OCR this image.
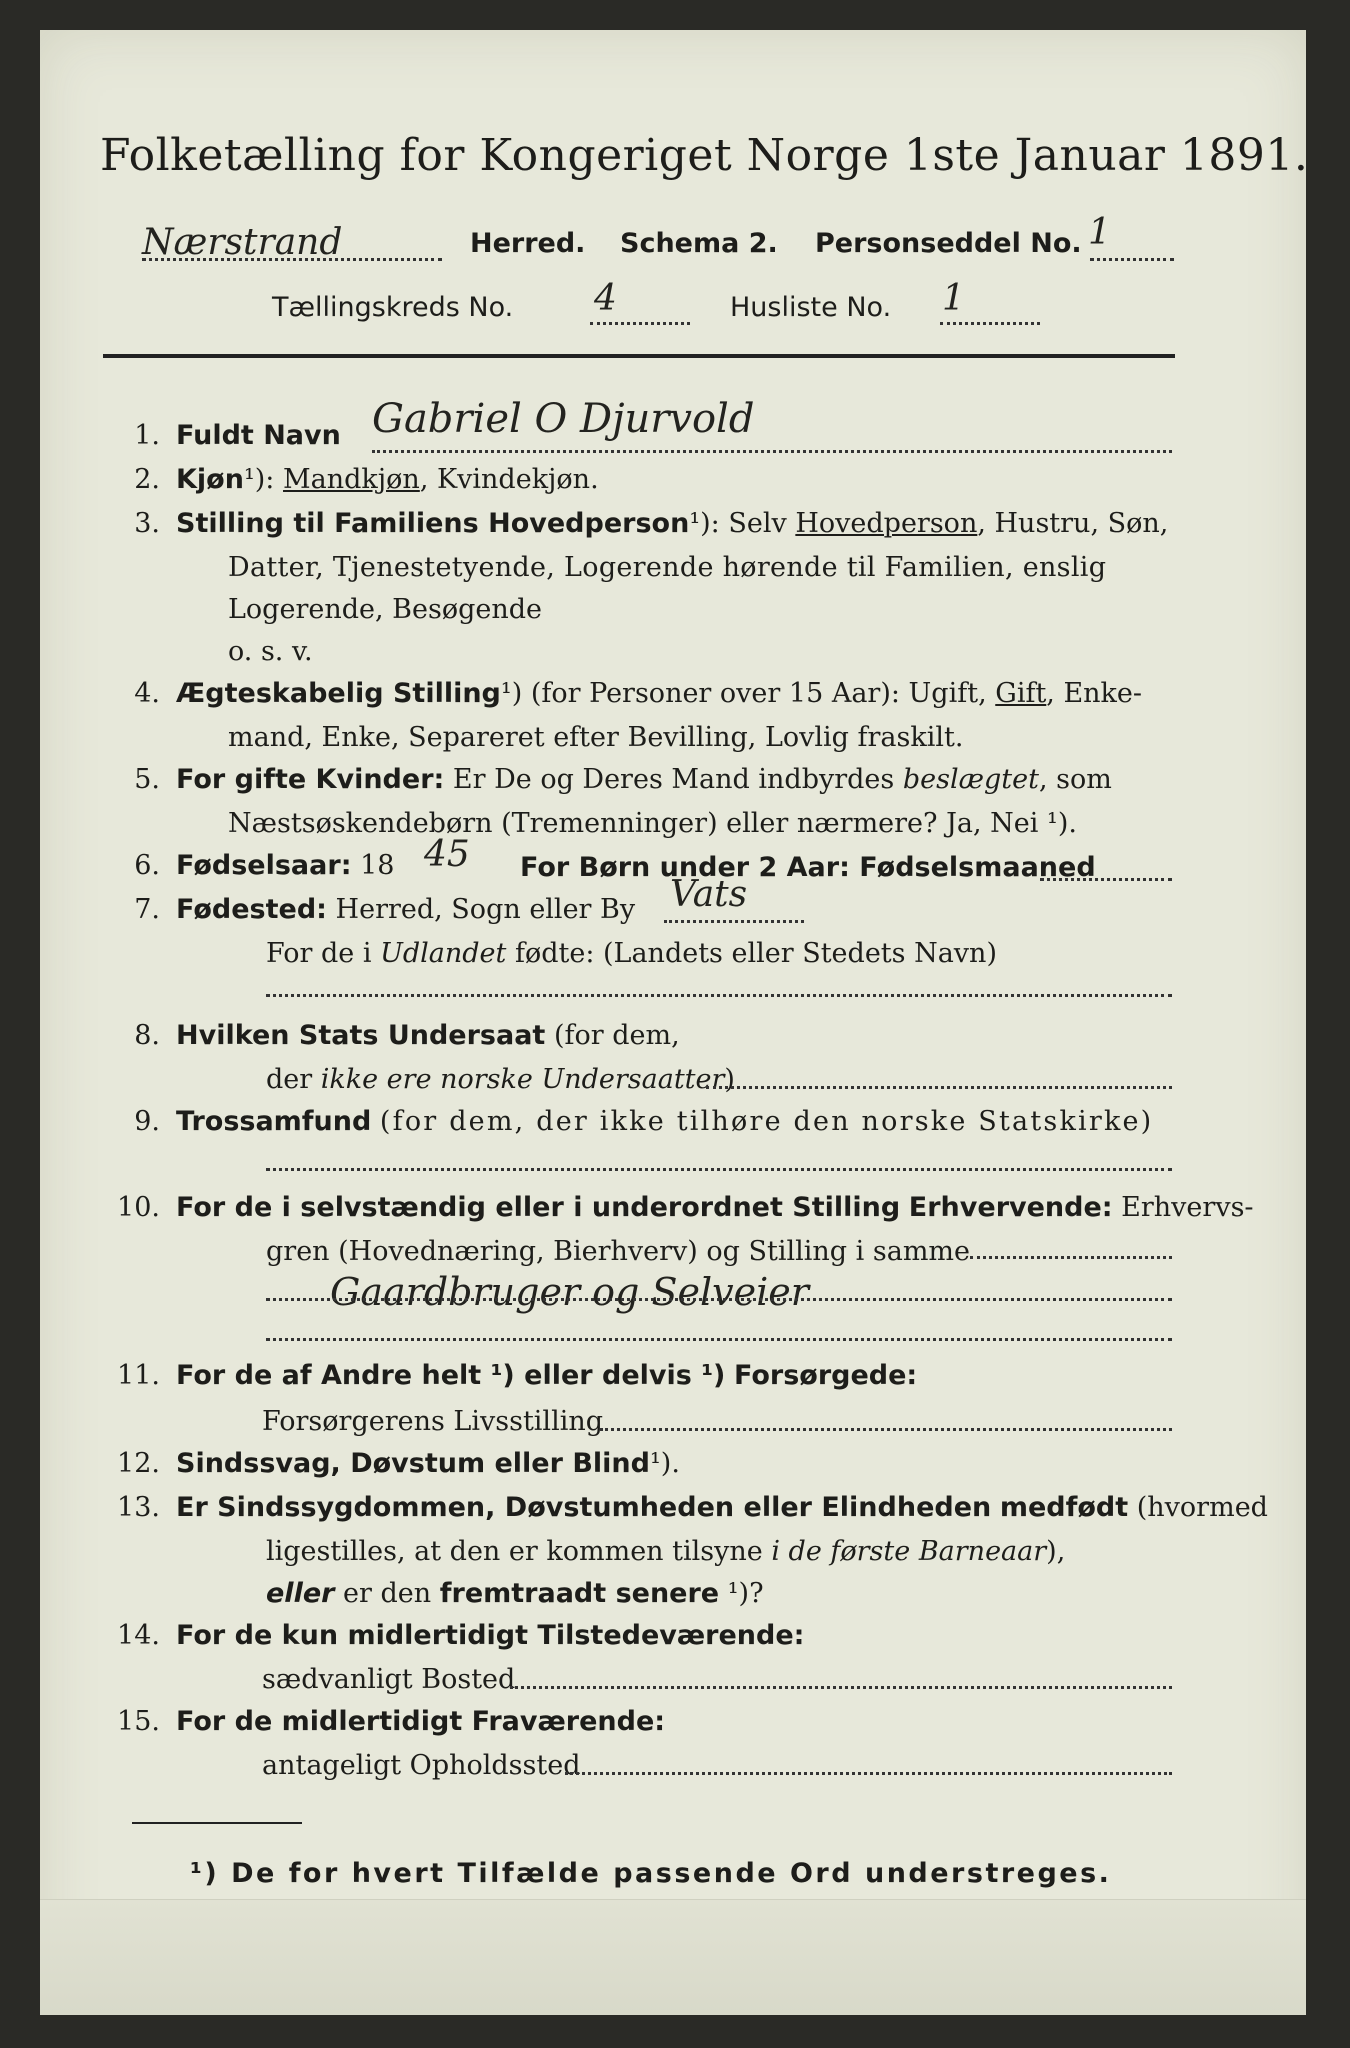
Folketælling for Kongeriget Norge 1ste Januar 1891.
Nærstrand	Herred. Schema 2. Personseddel No. 1
Tællingskreds No. 4	Husliste No. 1
1. Fuldt Navn Gabriel O Djurvold
2. Kjøn¹): Mandkjøn, Kvindekjøn.
3. Stilling til Familiens Hovedperson¹): Selv Hovedperson, Hustru, Søn,
Datter, Tjenestetyende, Logerende hørende til Familien, enslig
Logerende, Besøgende
o. s. v.
4. Ægteskabelig Stilling¹) (for Personer over 15 Aar): Ugift, Gift, Enke-
mand, Enke, Separeret efter Bevilling, Lovlig fraskilt.
5. For gifte Kvinder: Er De og Deres Mand indbyrdes beslægtet, som
Næstsøskendebørn (Tremenninger) eller nærmere? Ja, Nei ¹).
6. Fødselsaar: 18 45 For Børn under 2 Aar: Fødselsmaaned
7. Fødested: Herred, Sogn eller By Vats
For de i Udlandet fødte: (Landets eller Stedets Navn)
8. Hvilken Stats Undersaat (for dem,
der ikke ere norske Undersaatter)
9. Trossamfund (for dem, der ikke tilhøre den norske Statskirke)
10. For de i selvstændig eller i underordnet Stilling Erhvervende: Erhvervs-
gren (Hovednæring, Bierhverv) og Stilling i samme
Gaardbruger og Selveier
11. For de af Andre helt ¹) eller delvis ¹) Forsørgede:
Forsørgerens Livsstilling
12. Sindssvag, Døvstum eller Blind¹).
13. Er Sindssygdommen, Døvstumheden eller Elindheden medfødt (hvormed
ligestilles, at den er kommen tilsyne i de første Barneaar),
eller er den fremtraadt senere ¹)?
14. For de kun midlertidigt Tilstedeværende:
sædvanligt Bosted
15. For de midlertidigt Fraværende:
antageligt Opholdssted
¹) De for hvert Tilfælde passende Ord understreges.
